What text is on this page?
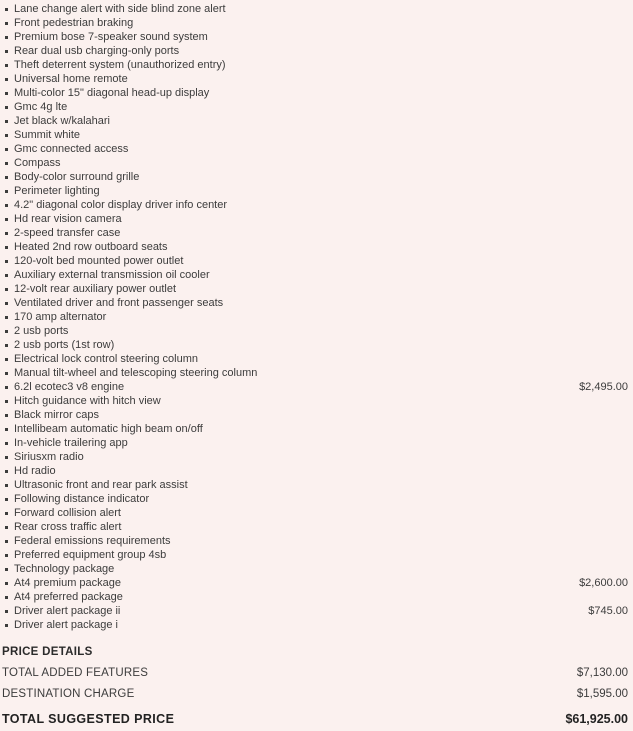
Lane change alert with side blind zone alert
Front pedestrian braking
Premium bose 7-speaker sound system
Rear dual usb charging-only ports
Theft deterrent system (unauthorized entry)
Universal home remote
Multi-color 15" diagonal head-up display
Gmc 4g lte
Jet black w/kalahari
Summit white
Gmc connected access
Compass
Body-color surround grille
Perimeter lighting
4.2" diagonal color display driver info center
Hd rear vision camera
2-speed transfer case
Heated 2nd row outboard seats
120-volt bed mounted power outlet
Auxiliary external transmission oil cooler
12-volt rear auxiliary power outlet
Ventilated driver and front passenger seats
170 amp alternator
2 usb ports
2 usb ports (1st row)
Electrical lock control steering column
Manual tilt-wheel and telescoping steering column
6.2l ecotec3 v8 engine	$2,495.00
Hitch guidance with hitch view
Black mirror caps
Intellibeam automatic high beam on/off
In-vehicle trailering app
Siriusxm radio
Hd radio
Ultrasonic front and rear park assist
Following distance indicator
Forward collision alert
Rear cross traffic alert
Federal emissions requirements
Preferred equipment group 4sb
Technology package
At4 premium package	$2,600.00
At4 preferred package
Driver alert package ii	$745.00
Driver alert package i
PRICE DETAILS
TOTAL ADDED FEATURES	$7,130.00
DESTINATION CHARGE	$1,595.00
TOTAL SUGGESTED PRICE	$61,925.00
